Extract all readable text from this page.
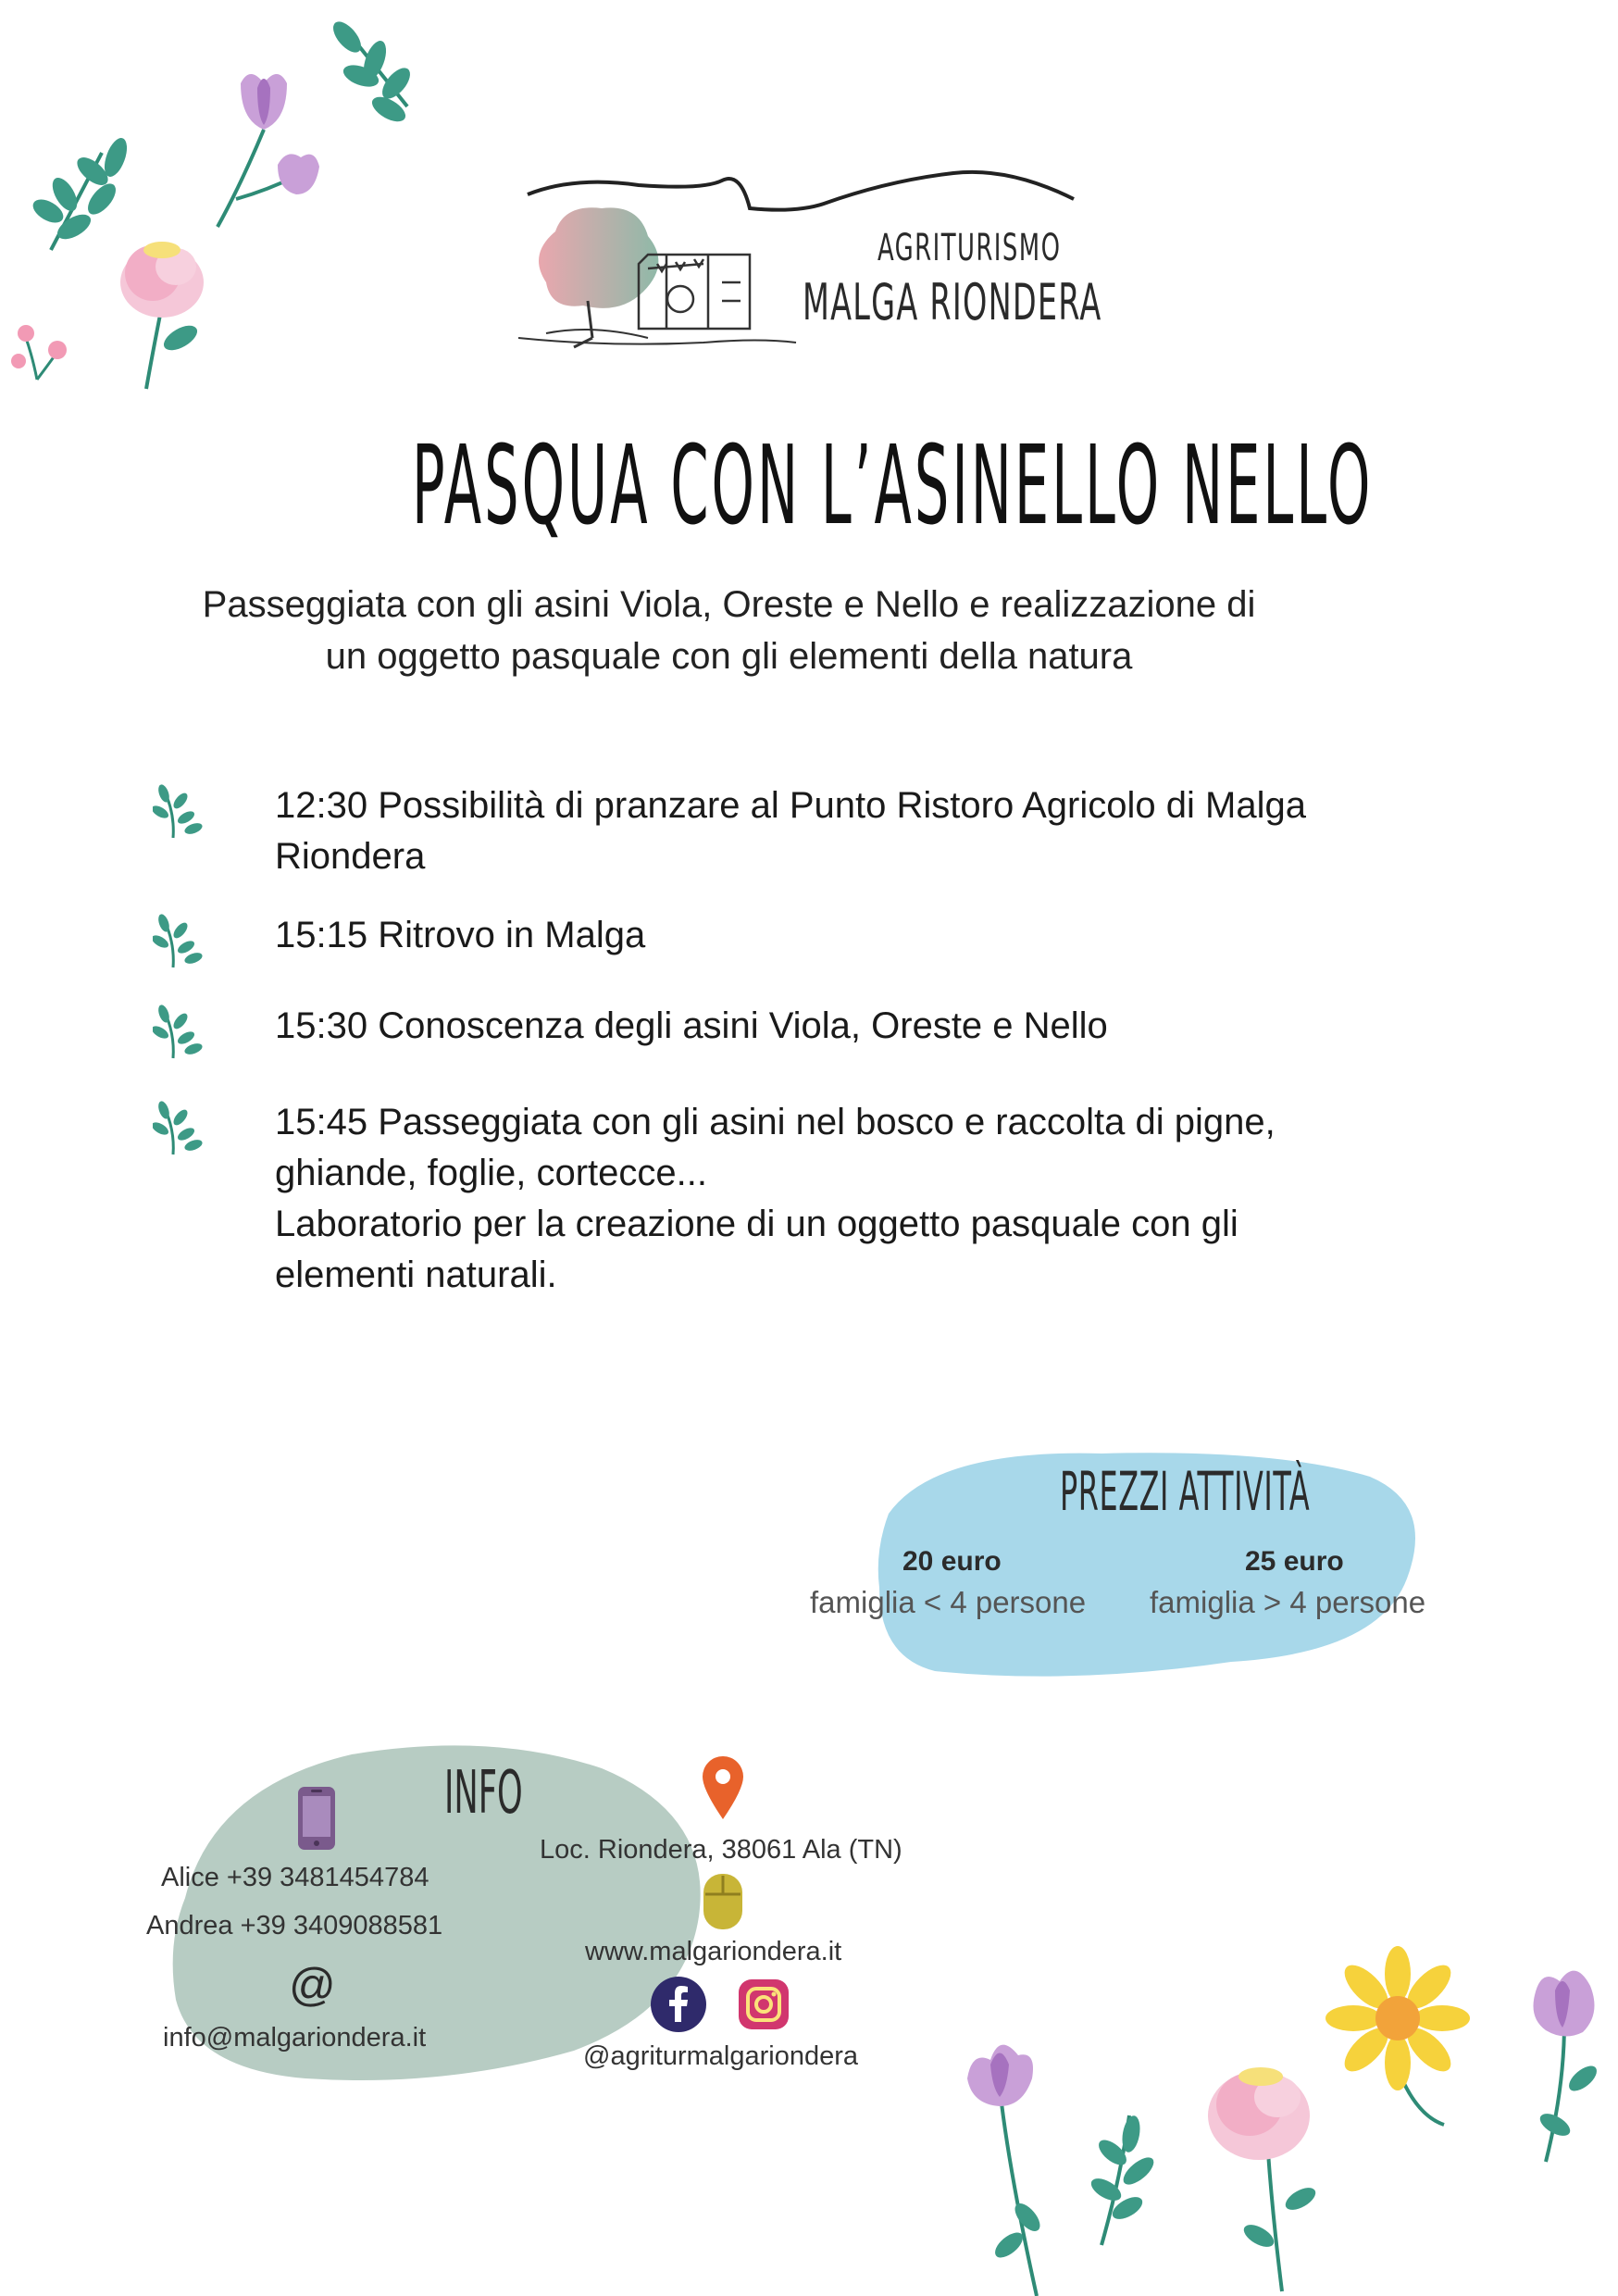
AGRITURISMO
MALGA RIONDERA
PASQUA CON L’ASINELLO NELLO
Passeggiata con gli asini Viola, Oreste e Nello e realizzazione di
un oggetto pasquale con gli elementi della natura
12:30 Possibilità di pranzare al Punto Ristoro Agricolo di Malga
Riondera
15:15 Ritrovo in Malga
15:30 Conoscenza degli asini Viola, Oreste e Nello
15:45 Passeggiata con gli asini nel bosco e raccolta di pigne,
ghiande, foglie, cortecce...
Laboratorio per la creazione di un oggetto pasquale con gli
elementi naturali.
PREZZI ATTIVITÀ
20 euro
famiglia < 4 persone
25 euro
famiglia > 4 persone
INFO
Alice +39 3481454784
Andrea +39 3409088581
@
info@malgariondera.it
Loc. Riondera, 38061 Ala (TN)
www.malgariondera.it
@agriturmalgariondera
